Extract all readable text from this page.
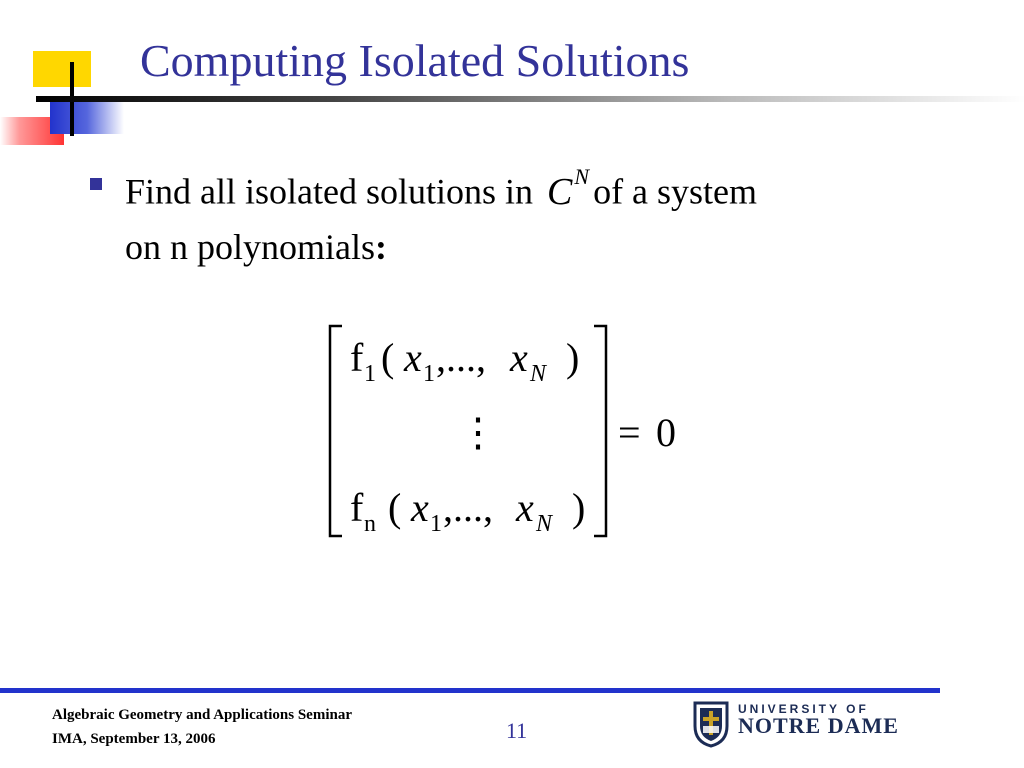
Computing Isolated Solutions
Find all isolated solutions in $C^N$ of a system
on n polynomials:
f 1 ( x 1 ,..., x N )
⋮
f n ( x 1 ,..., x N )
= 0
Algebraic Geometry and Applications Seminar
IMA, September 13, 2006	11
UNIVERSITY OF
NOTRE DAME
